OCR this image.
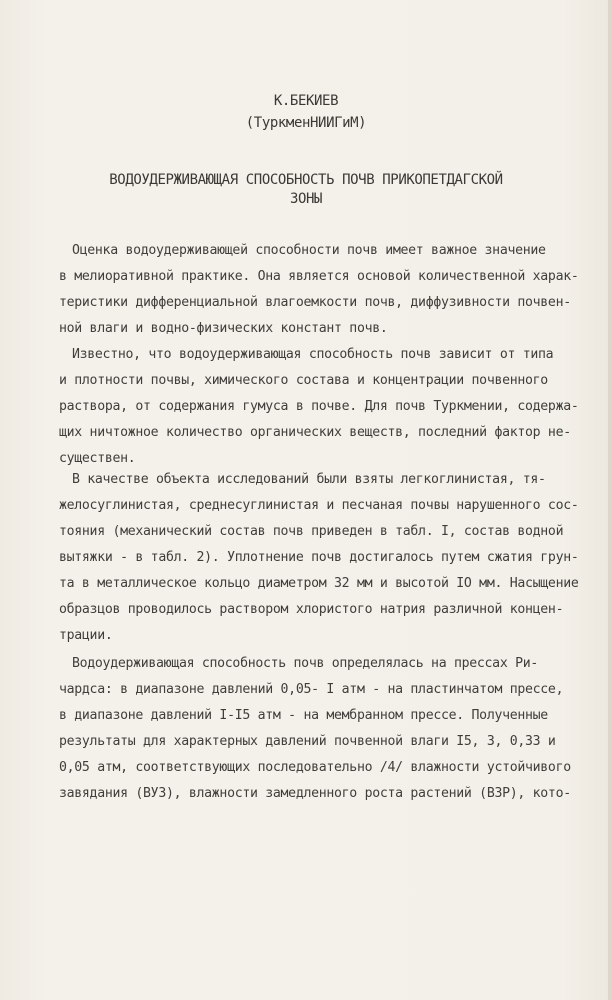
К.БЕКИЕВ
(ТуркменНИИГиМ)
ВОДОУДЕРЖИВАЮЩАЯ СПОСОБНОСТЬ ПОЧВ ПРИКОПЕТДАГСКОЙ
ЗОНЫ
Оценка водоудерживающей способности почв имеет важное значение
в мелиоративной практике. Она является основой количественной харак-
теристики дифференциальной влагоемкости почв, диффузивности почвен-
ной влаги и водно-физических констант почв.
Известно, что водоудерживающая способность почв зависит от типа
и плотности почвы, химического состава и концентрации почвенного
раствора, от содержания гумуса в почве. Для почв Туркмении, содержа-
щих ничтожное количество органических веществ, последний фактор не-
существен.
В качестве объекта исследований были взяты легкоглинистая, тя-
желосуглинистая, среднесуглинистая и песчаная почвы нарушенного сос-
тояния (механический состав почв приведен в табл. I, состав водной
вытяжки - в табл. 2). Уплотнение почв достигалось путем сжатия грун-
та в металлическое кольцо диаметром 32 мм и высотой IO мм. Насыщение
образцов проводилось раствором хлористого натрия различной концен-
трации.
Водоудерживающая способность почв определялась на прессах Ри-
чардса: в диапазоне давлений 0,05- I атм - на пластинчатом прессе,
в диапазоне давлений I-I5 атм - на мембранном прессе. Полученные
результаты для характерных давлений почвенной влаги I5, 3, 0,33 и
0,05 атм, соответствующих последовательно /4/ влажности устойчивого
завядания (ВУЗ), влажности замедленного роста растений (ВЗР), кото-
